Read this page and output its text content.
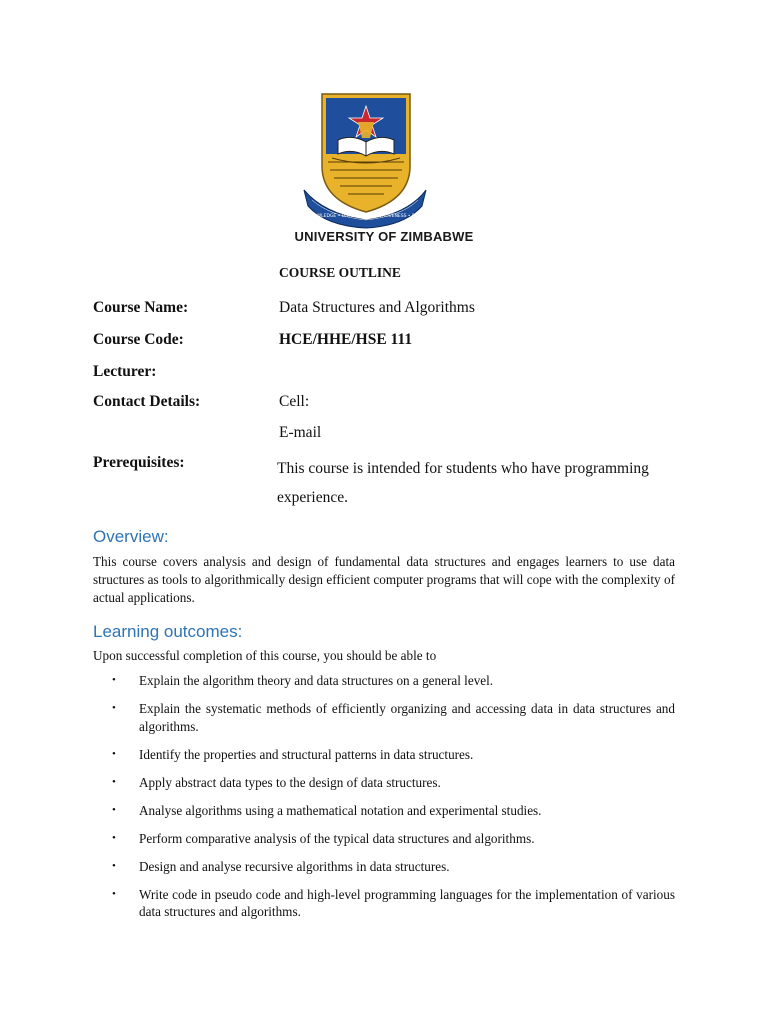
INTEGRITY • KNOWLEDGE • DILIGENCE INNOVATIVENESS • PROFESSIONALISM
UNIVERSITY OF ZIMBABWE
COURSE OUTLINE
Course Name:	Data Structures and Algorithms
Course Code:	HCE/HHE/HSE 111
Lecturer:
Contact Details:	Cell:
E-mail
Prerequisites:	This course is intended for students who have programming experience.
Overview:
This course covers analysis and design of fundamental data structures and engages learners to use data structures as tools to algorithmically design efficient computer programs that will cope with the complexity of actual applications.
Learning outcomes:
Upon successful completion of this course, you should be able to
• Explain the algorithm theory and data structures on a general level.
• Explain the systematic methods of efficiently organizing and accessing data in data structures and algorithms.
• Identify the properties and structural patterns in data structures.
• Apply abstract data types to the design of data structures.
• Analyse algorithms using a mathematical notation and experimental studies.
• Perform comparative analysis of the typical data structures and algorithms.
• Design and analyse recursive algorithms in data structures.
• Write code in pseudo code and high-level programming languages for the implementation of various data structures and algorithms.
